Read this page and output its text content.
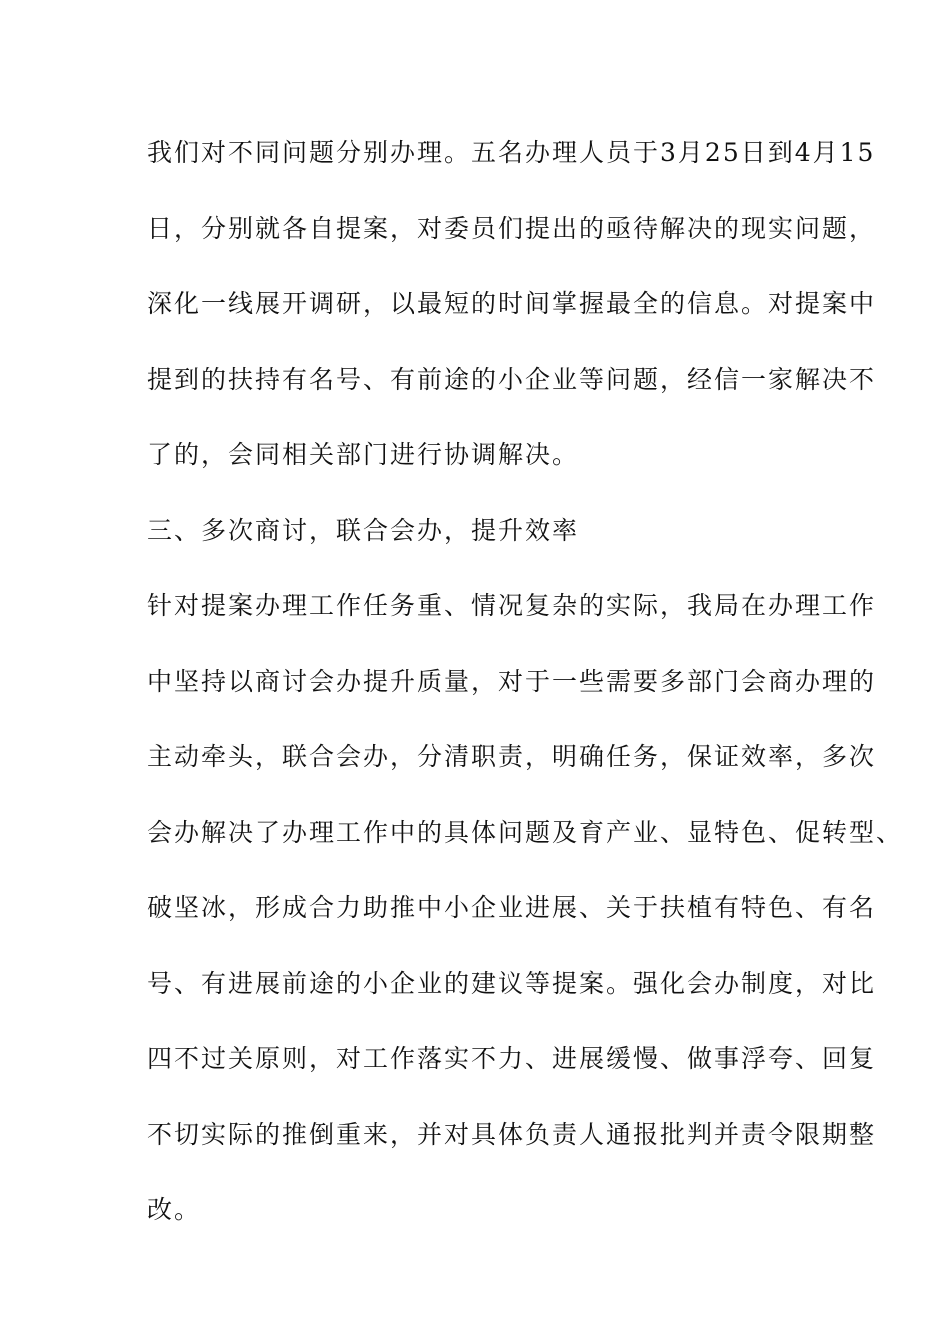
我们对不同问题分别办理。五名办理人员于3月25日到4月15
日，分别就各自提案，对委员们提出的亟待解决的现实问题，
深化一线展开调研，以最短的时间掌握最全的信息。对提案中
提到的扶持有名号、有前途的小企业等问题，经信一家解决不
了的，会同相关部门进行协调解决。
三、多次商讨，联合会办，提升效率
针对提案办理工作任务重、情况复杂的实际，我局在办理工作
中坚持以商讨会办提升质量，对于一些需要多部门会商办理的
主动牵头，联合会办，分清职责，明确任务，保证效率，多次
会办解决了办理工作中的具体问题及育产业、显特色、促转型、
破坚冰，形成合力助推中小企业进展、关于扶植有特色、有名
号、有进展前途的小企业的建议等提案。强化会办制度，对比
四不过关原则，对工作落实不力、进展缓慢、做事浮夸、回复
不切实际的推倒重来，并对具体负责人通报批判并责令限期整
改。
